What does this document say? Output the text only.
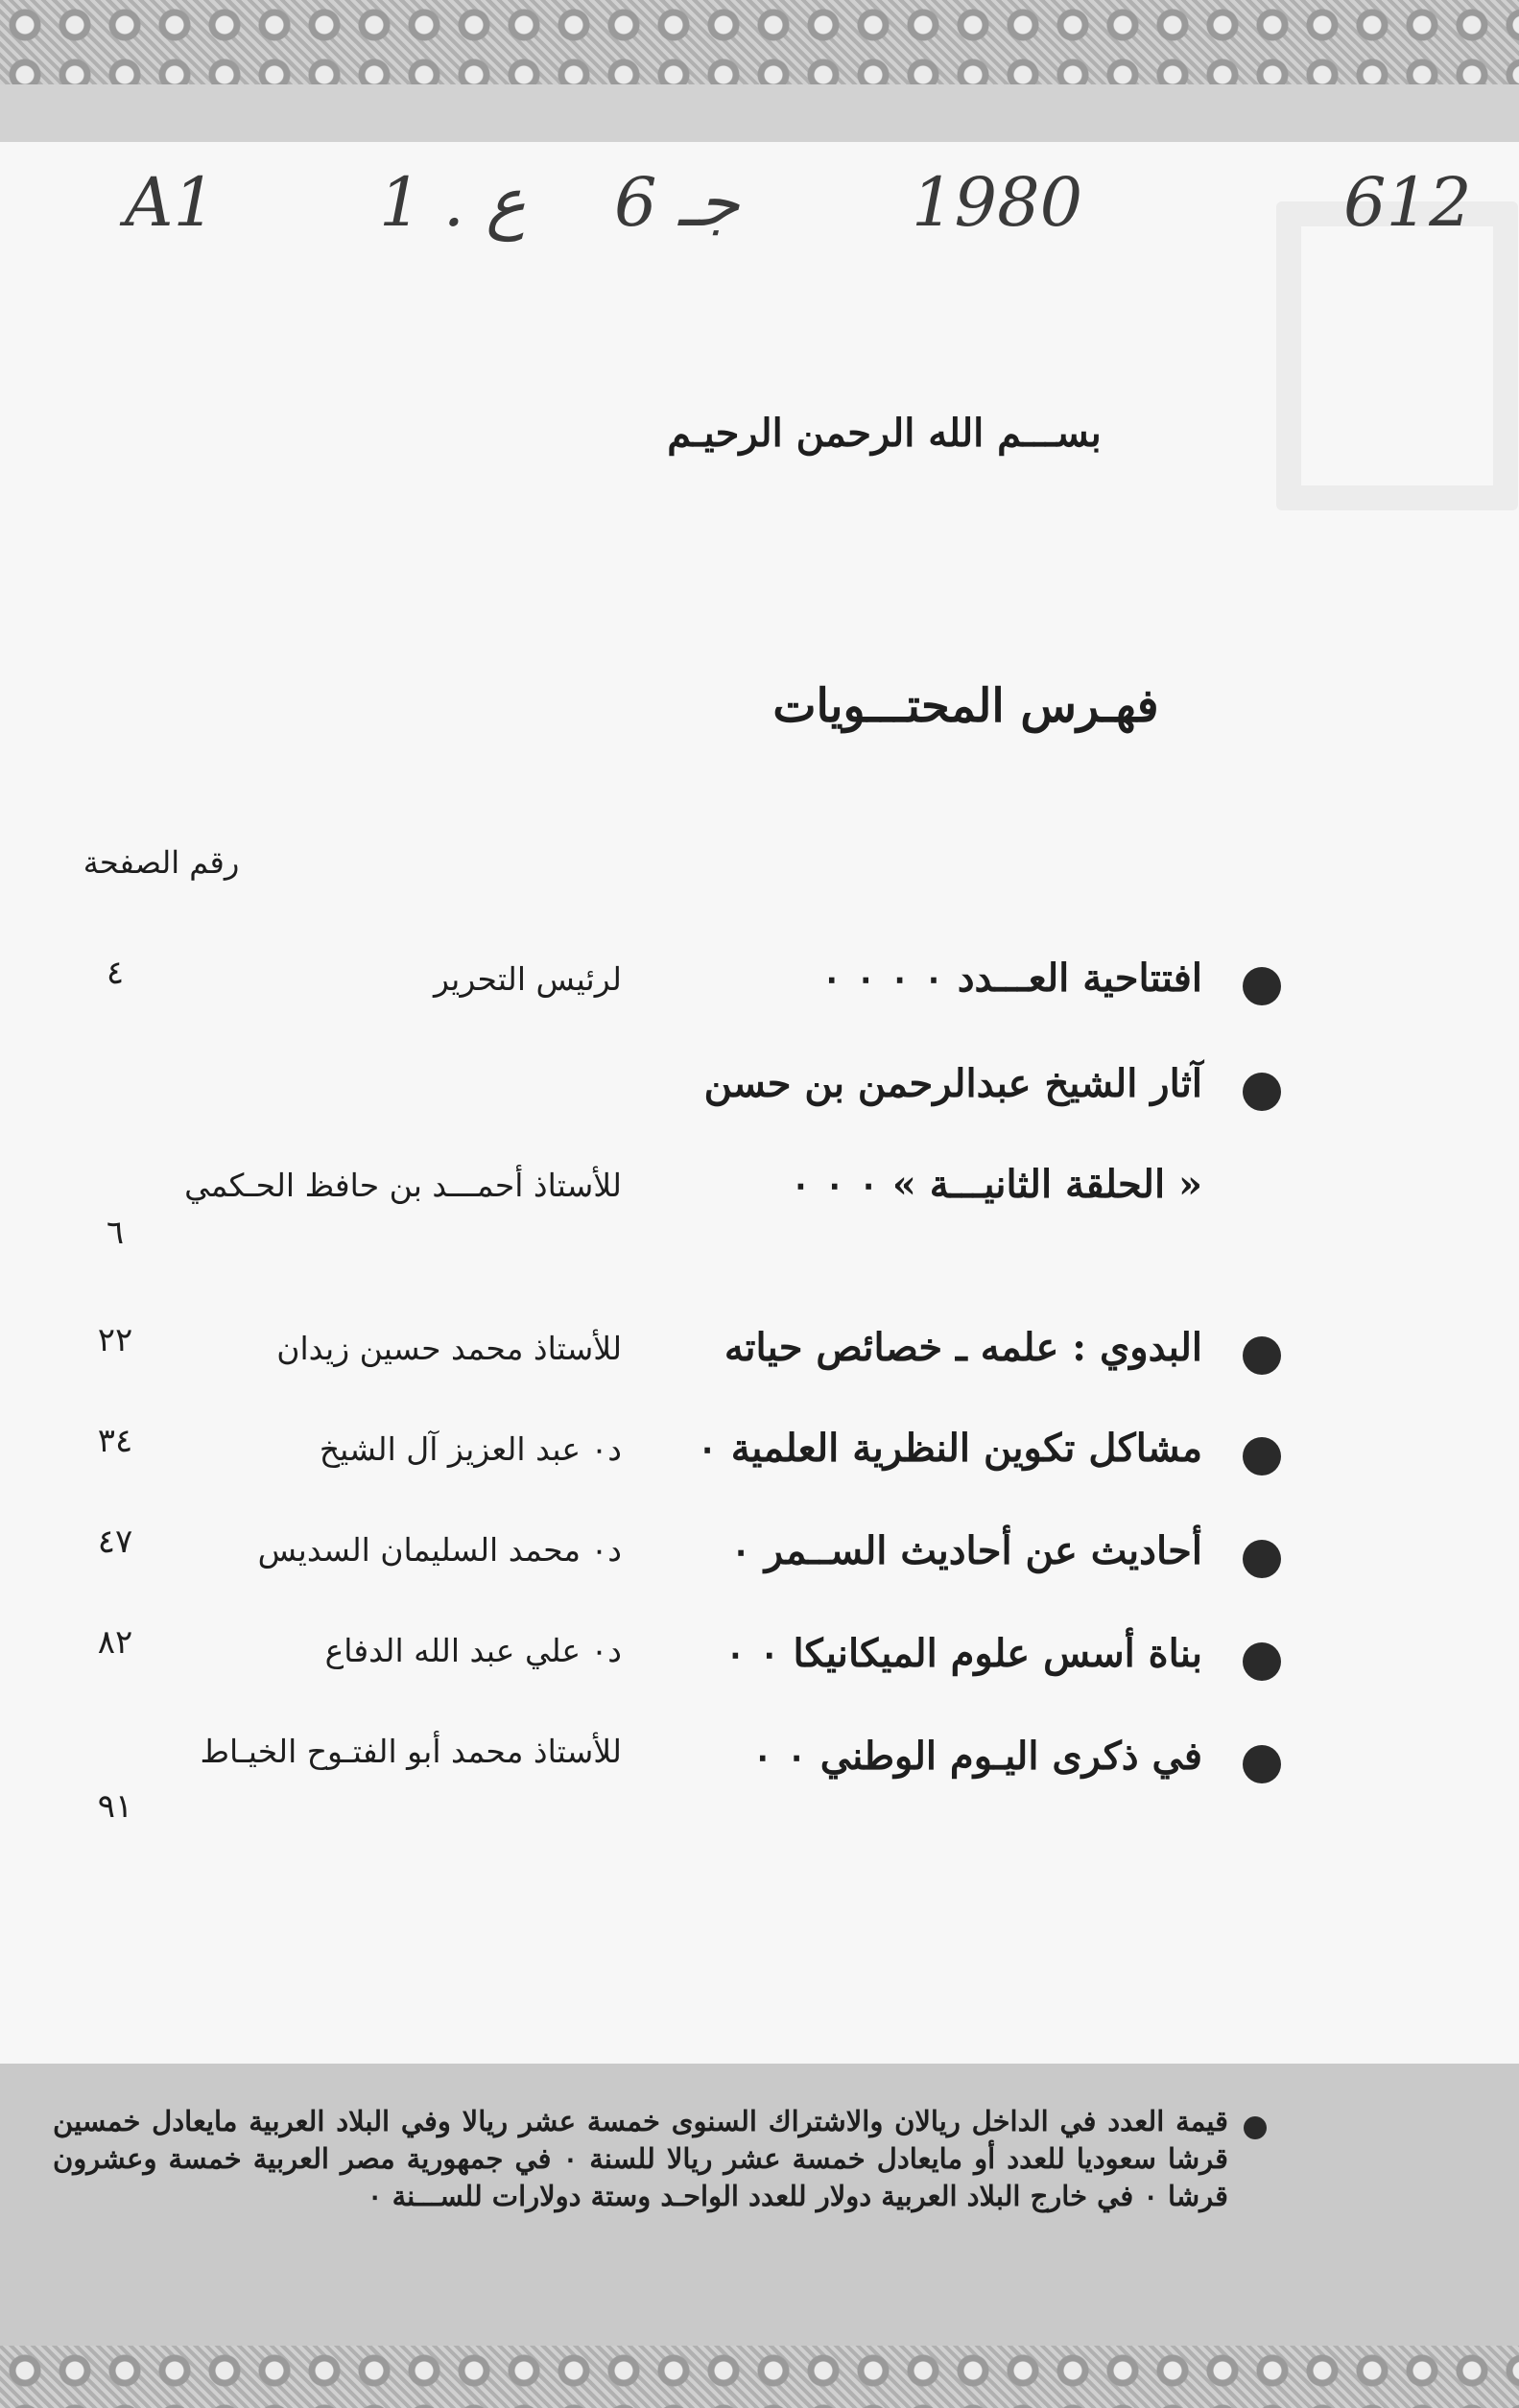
A1 1 . ع 6 جـ	1980	612
بســـم الله الرحمن الرحيـم
فهـرس المحتـــويات
رقم الصفحة
افتتاحية العـــدد ٠ ٠ ٠ ٠
لرئيس التحرير
٤
آثار الشيخ عبدالرحمن بن حسن
« الحلقة الثانيـــة » ٠ ٠ ٠
للأستاذ أحمـــد بن حافظ الحـكمي
٦
البدوي : علمه ـ خصائص حياته
للأستاذ محمد حسين زيدان
٢٢
مشاكل تكوين النظرية العلمية ٠
د٠ عبد العزيز آل الشيخ
٣٤
أحاديث عن أحاديث الســمر ٠
د٠ محمد السليمان السديس
٤٧
بناة أسس علوم الميكانيكا ٠ ٠
د٠ علي عبد الله الدفاع
٨٢
في ذكرى اليـوم الوطني ٠ ٠
للأستاذ محمد أبو الفتـوح الخيـاط
٩١
قيمة العدد في الداخل ريالان والاشتراك السنوى خمسة عشر ريالا وفي البلاد العربية مايعادل خمسين قرشا سعوديا للعدد أو مايعادل خمسة عشر ريالا للسنة ٠ في جمهورية مصر العربية خمسة وعشرون قرشا ٠ في خارج البلاد العربية دولار للعدد الواحـد وستة دولارات للســـنة ٠
